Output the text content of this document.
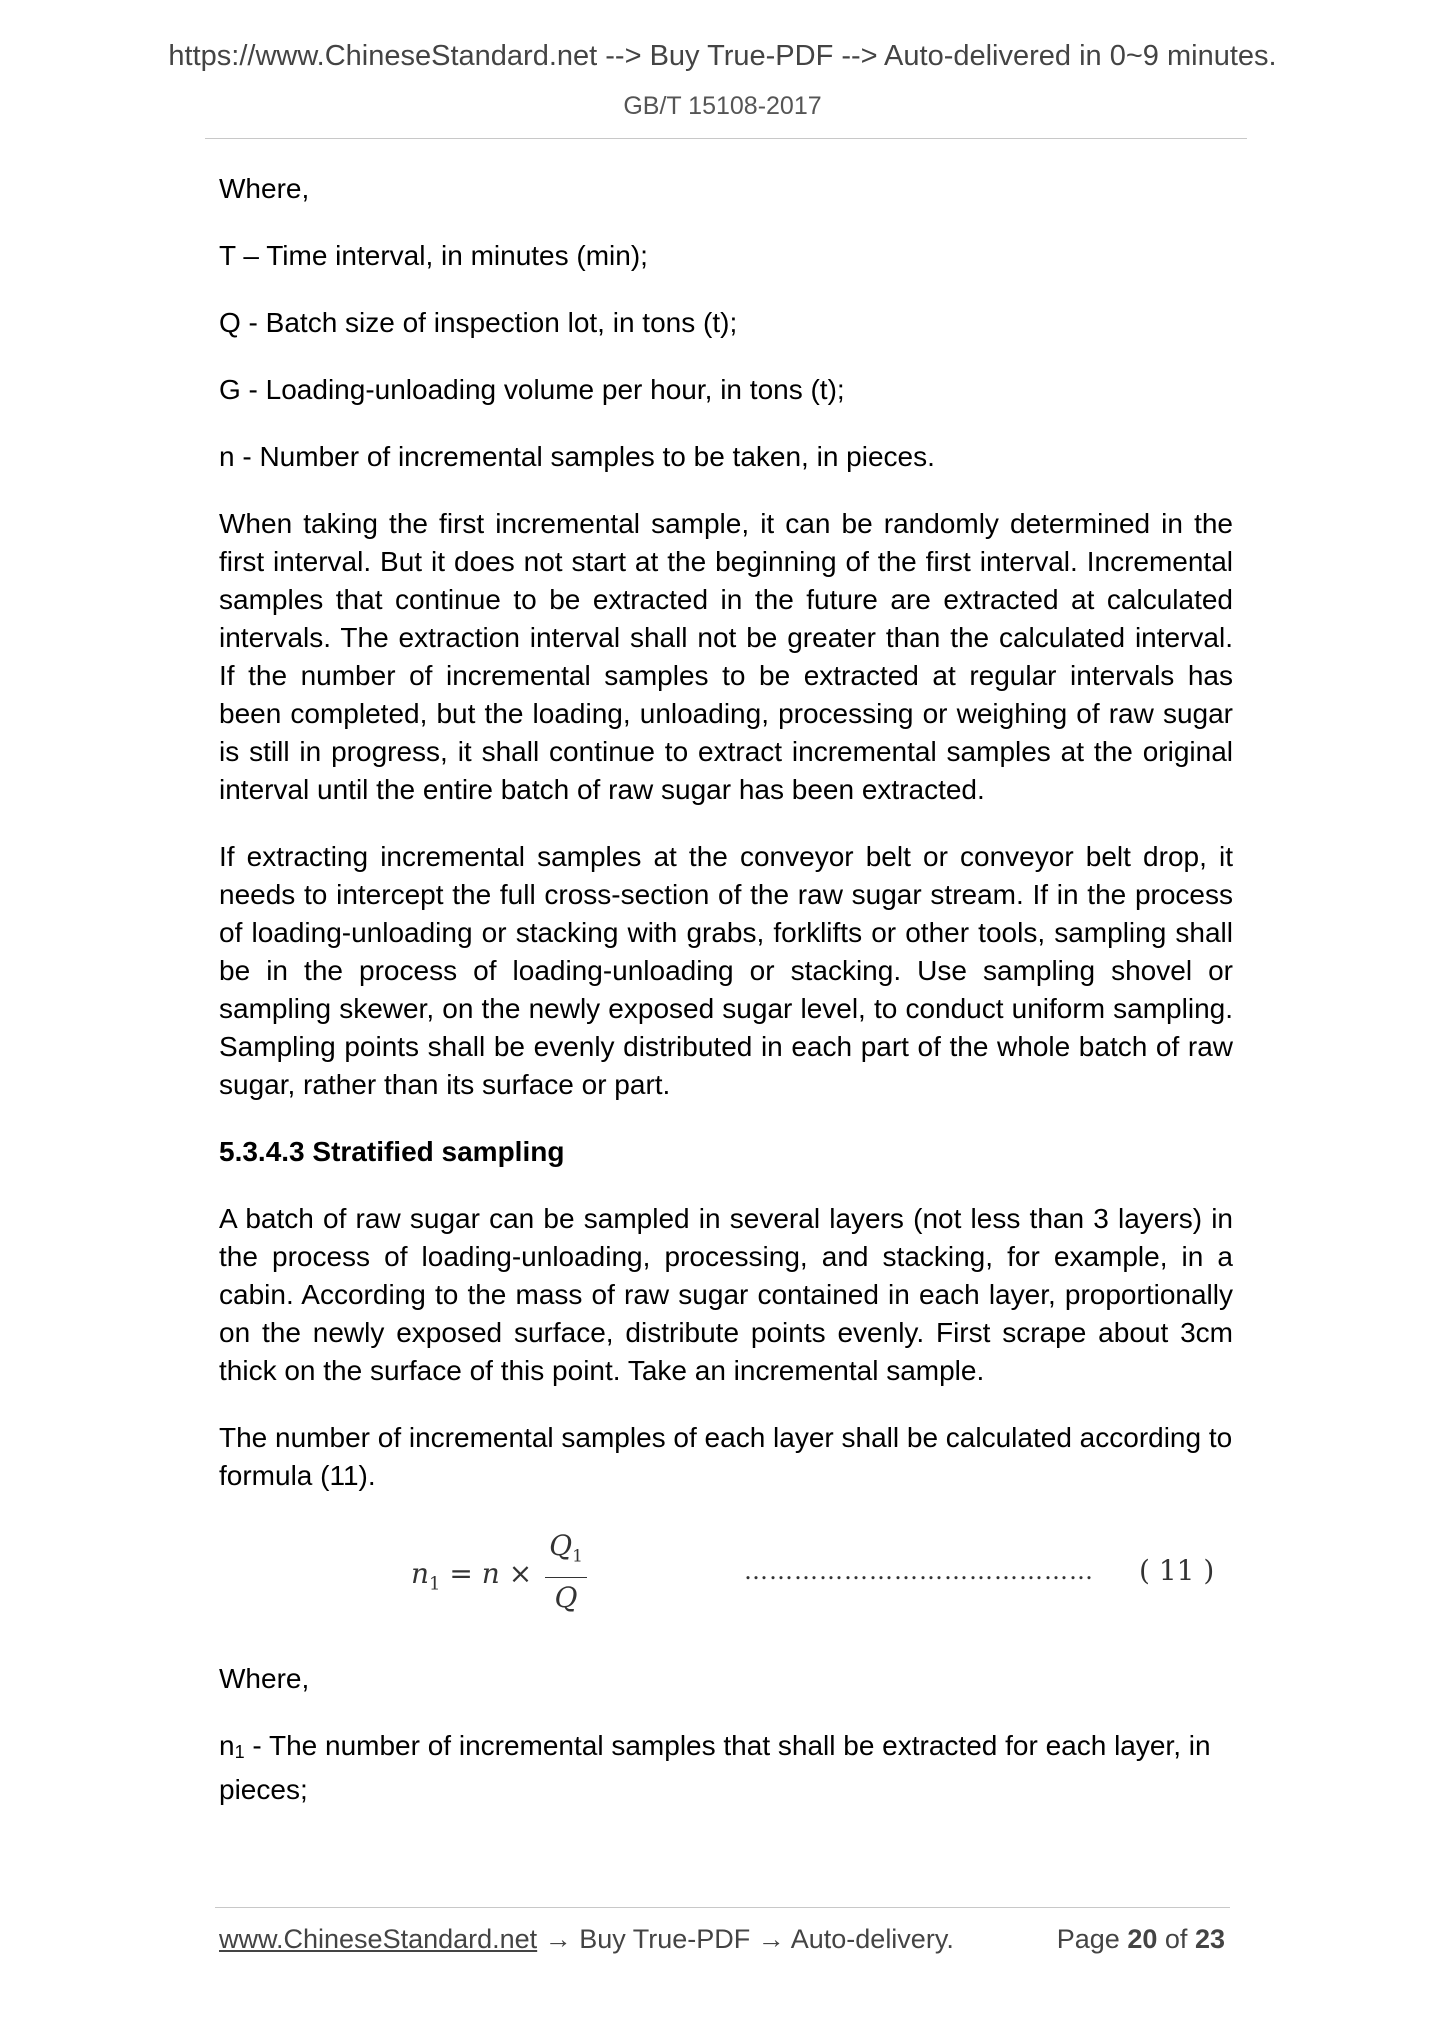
https://www.ChineseStandard.net --> Buy True-PDF --> Auto-delivered in 0~9 minutes.
GB/T 15108-2017

Where,

T – Time interval, in minutes (min);

Q - Batch size of inspection lot, in tons (t);

G - Loading-unloading volume per hour, in tons (t);

n - Number of incremental samples to be taken, in pieces.

When taking the first incremental sample, it can be randomly determined in the first interval. But it does not start at the beginning of the first interval. Incremental samples that continue to be extracted in the future are extracted at calculated intervals. The extraction interval shall not be greater than the calculated interval. If the number of incremental samples to be extracted at regular intervals has been completed, but the loading, unloading, processing or weighing of raw sugar is still in progress, it shall continue to extract incremental samples at the original interval until the entire batch of raw sugar has been extracted.

If extracting incremental samples at the conveyor belt or conveyor belt drop, it needs to intercept the full cross-section of the raw sugar stream. If in the process of loading-unloading or stacking with grabs, forklifts or other tools, sampling shall be in the process of loading-unloading or stacking. Use sampling shovel or sampling skewer, on the newly exposed sugar level, to conduct uniform sampling. Sampling points shall be evenly distributed in each part of the whole batch of raw sugar, rather than its surface or part.

5.3.4.3 Stratified sampling

A batch of raw sugar can be sampled in several layers (not less than 3 layers) in the process of loading-unloading, processing, and stacking, for example, in a cabin. According to the mass of raw sugar contained in each layer, proportionally on the newly exposed surface, distribute points evenly. First scrape about 3cm thick on the surface of this point. Take an incremental sample.

The number of incremental samples of each layer shall be calculated according to formula (11).

$n_1 = n$ ×
$Q_1$
Q
…………………………………… ( 11 )

Where,

n1 - The number of incremental samples that shall be extracted for each layer, in pieces;

www.ChineseStandard.net → Buy True-PDF → Auto-delivery.	Page 20 of 23
